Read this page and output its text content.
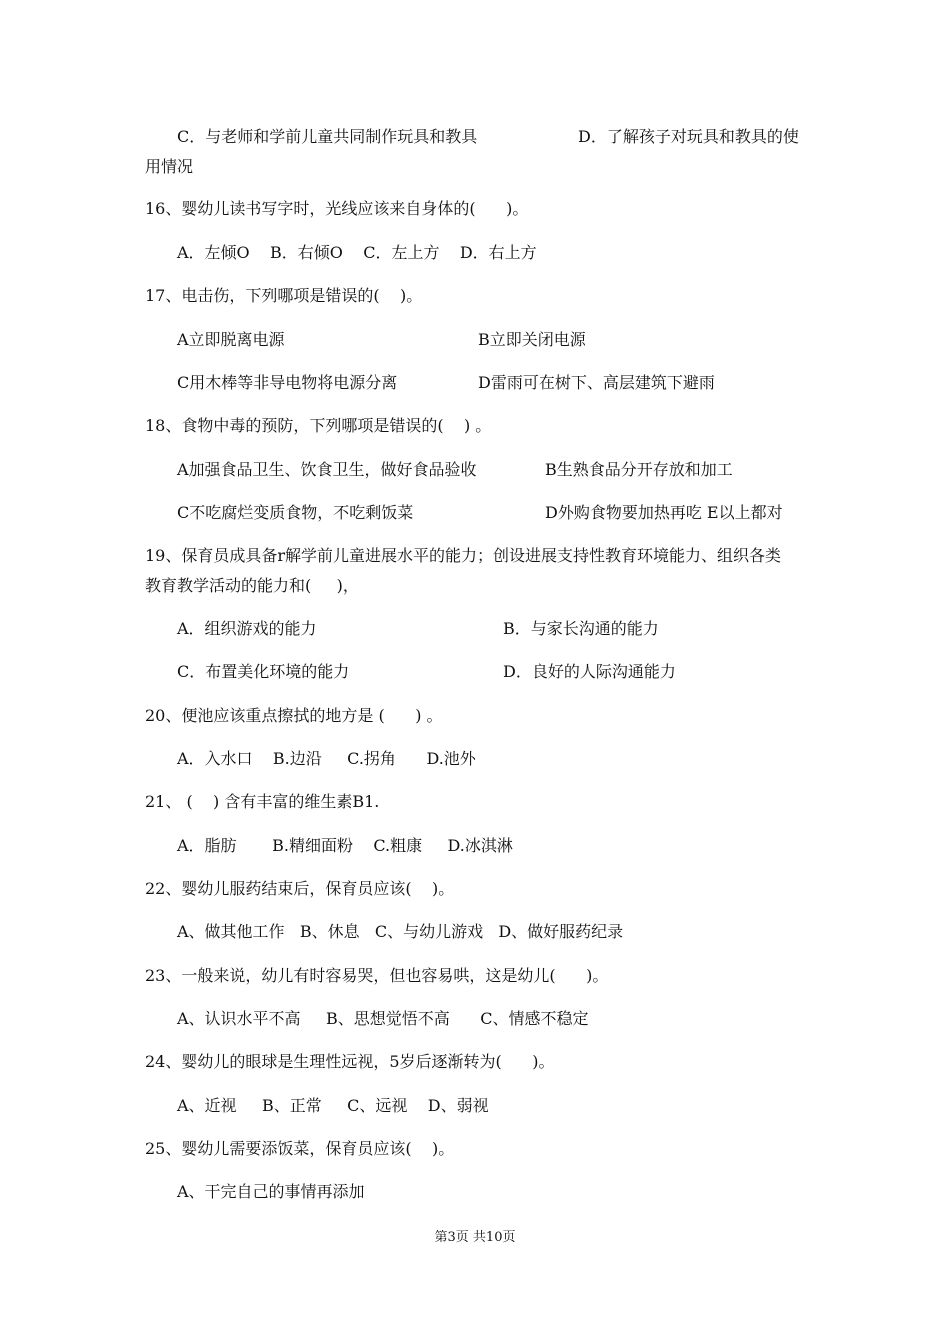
C．与老师和学前儿童共同制作玩具和教具	D．了解孩子对玩具和教具的使
用情况
16、婴幼儿读书写字时，光线应该来自身体的(      )。
A．左倾O    B．右倾O    C．左上方    D．右上方
17、电击伤，下列哪项是错误的(    )。
A立即脱离电源	B立即关闭电源
C用木棒等非导电物将电源分离	D雷雨可在树下、高层建筑下避雨
18、食物中毒的预防，下列哪项是错误的(    ) 。
A加强食品卫生、饮食卫生，做好食品验收	B生熟食品分开存放和加工
C不吃腐烂变质食物，不吃剩饭菜	D外购食物要加热再吃 E以上都对
19、保育员成具备r解学前儿童进展水平的能力；创设进展支持性教育环境能力、组织各类
教育教学活动的能力和(     )，
A．组织游戏的能力	B．与家长沟通的能力
C．布置美化环境的能力	D．良好的人际沟通能力
20、便池应该重点擦拭的地方是 (      ) 。
A．入水口    B.边沿     C.拐角      D.池外
21、 (    ) 含有丰富的维生素B1.
A．脂肪       B.精细面粉    C.粗康     D.冰淇淋
22、婴幼儿服药结束后，保育员应该(    )。
A、做其他工作   B、休息   C、与幼儿游戏   D、做好服药纪录
23、一般来说，幼儿有时容易哭，但也容易哄，这是幼儿(      )。
A、认识水平不高     B、思想觉悟不高      C、情感不稳定
24、婴幼儿的眼球是生理性远视，5岁后逐渐转为(      )。
A、近视     B、正常     C、远视    D、弱视
25、婴幼儿需要添饭菜，保育员应该(    )。
A、干完自己的事情再添加
第3页 共10页
